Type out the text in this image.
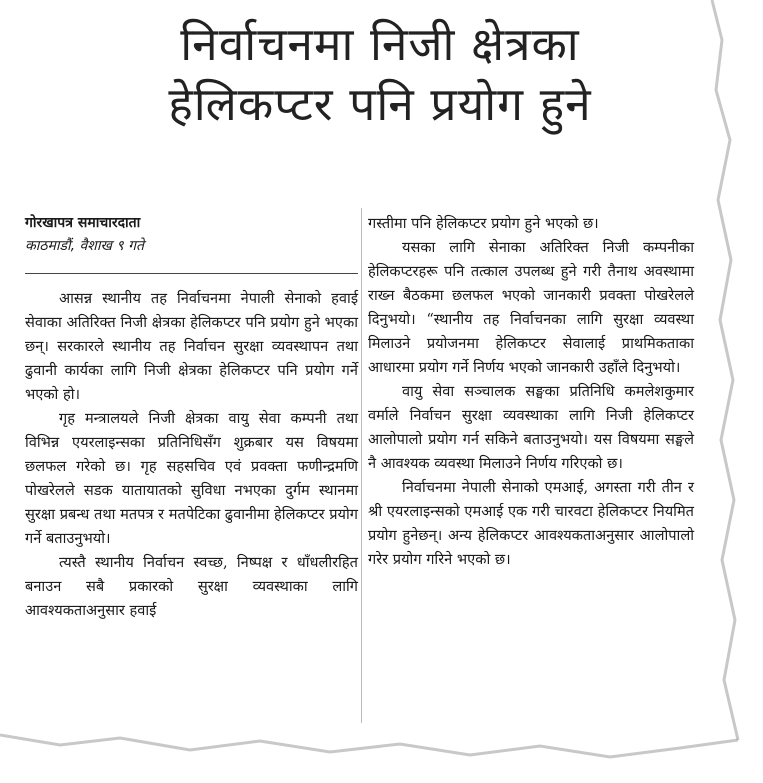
निर्वाचनमा निजी क्षेत्रका
हेलिकप्टर पनि प्रयोग हुने
गोरखापत्र समाचारदाता
काठमाडौं, वैशाख ९ गते

आसन्न स्थानीय तह निर्वाचनमा नेपाली सेनाको हवाई सेवाका अतिरिक्त निजी क्षेत्रका हेलिकप्टर पनि प्रयोग हुने भएका छन्। सरकारले स्थानीय तह निर्वाचन सुरक्षा व्यवस्थापन तथा ढुवानी कार्यका लागि निजी क्षेत्रका हेलिकप्टर पनि प्रयोग गर्ने भएको हो।

गृह मन्त्रालयले निजी क्षेत्रका वायु सेवा कम्पनी तथा विभिन्न एयरलाइन्सका प्रतिनिधिसँग शुक्रबार यस विषयमा छलफल गरेको छ। गृह सहसचिव एवं प्रवक्ता फणीन्द्रमणि पोखरेलले सडक यातायातको सुविधा नभएका दुर्गम स्थानमा सुरक्षा प्रबन्ध तथा मतपत्र र मतपेटिका ढुवानीमा हेलिकप्टर प्रयोग गर्ने बताउनुभयो।

त्यस्तै स्थानीय निर्वाचन स्वच्छ, निष्पक्ष र धाँधलीरहित बनाउन सबै प्रकारको सुरक्षा व्यवस्थाका लागि आवश्यकताअनुसार हवाई

गस्तीमा पनि हेलिकप्टर प्रयोग हुने भएको छ।

यसका लागि सेनाका अतिरिक्त निजी कम्पनीका हेलिकप्टरहरू पनि तत्काल उपलब्ध हुने गरी तैनाथ अवस्थामा राख्न बैठकमा छलफल भएको जानकारी प्रवक्ता पोखरेलले दिनुभयो। “स्थानीय तह निर्वाचनका लागि सुरक्षा व्यवस्था मिलाउने प्रयोजनमा हेलिकप्टर सेवालाई प्राथमिकताका आधारमा प्रयोग गर्ने निर्णय भएको जानकारी उहाँले दिनुभयो।

वायु सेवा सञ्चालक सङ्घका प्रतिनिधि कमलेशकुमार वर्माले निर्वाचन सुरक्षा व्यवस्थाका लागि निजी हेलिकप्टर आलोपालो प्रयोग गर्न सकिने बताउनुभयो। यस विषयमा सङ्घले नै आवश्यक व्यवस्था मिलाउने निर्णय गरिएको छ।

निर्वाचनमा नेपाली सेनाको एमआई, अगस्ता गरी तीन र श्री एयरलाइन्सको एमआई एक गरी चारवटा हेलिकप्टर नियमित प्रयोग हुनेछन्। अन्य हेलिकप्टर आवश्यकताअनुसार आलोपालो गरेर प्रयोग गरिने भएको छ।
